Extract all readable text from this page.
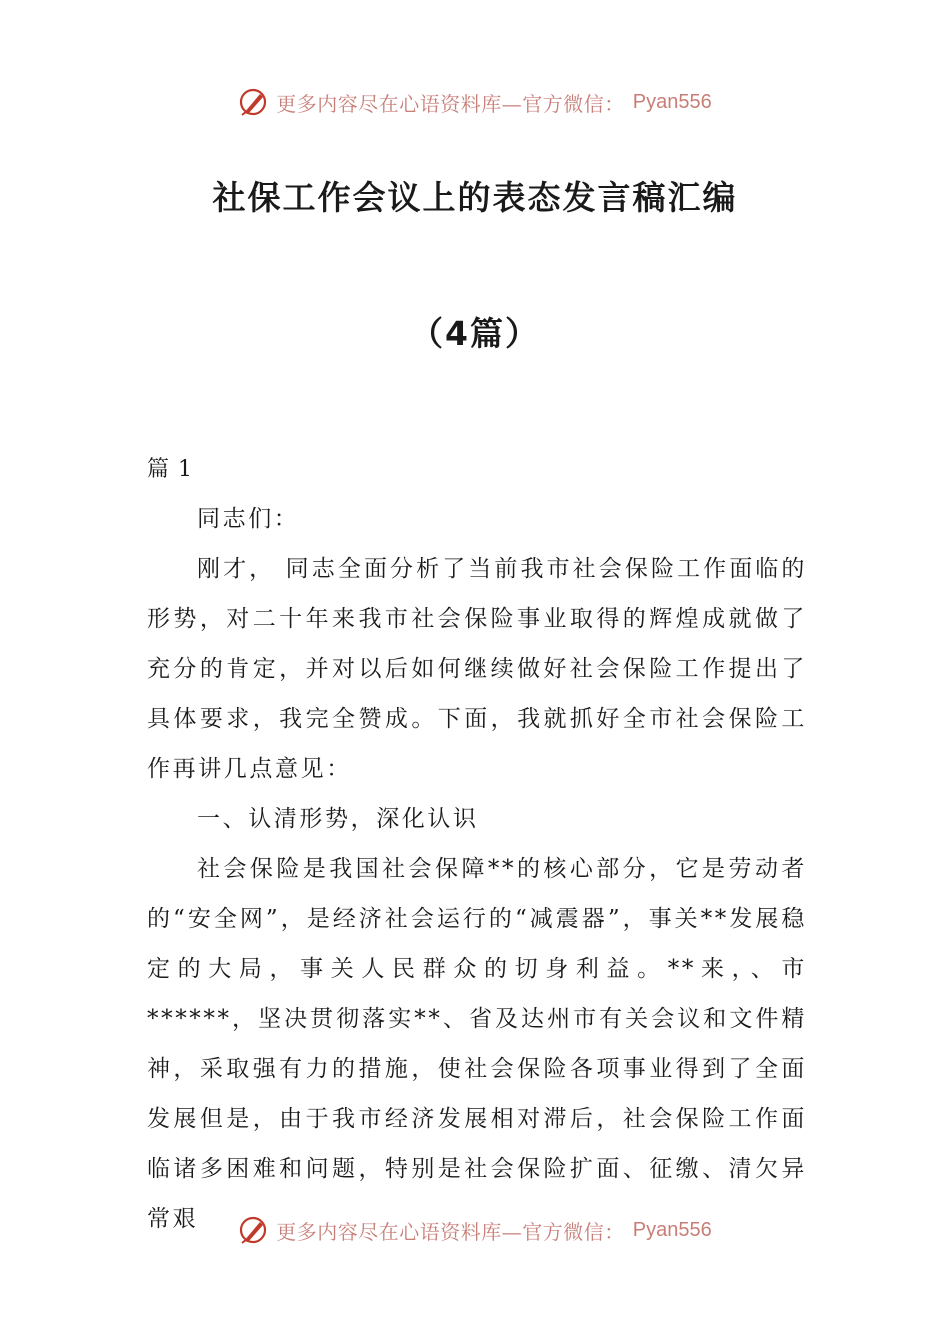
更多内容尽在心语资料库—官方微信： Pyan556
社保工作会议上的表态发言稿汇编
（4篇）
篇 1

同志们：

刚才， 同志全面分析了当前我市社会保险工作面临的形势，对二十年来我市社会保险事业取得的辉煌成就做了充分的肯定，并对以后如何继续做好社会保险工作提出了具体要求，我完全赞成。下面，我就抓好全市社会保险工作再讲几点意见：

一、认清形势，深化认识

社会保险是我国社会保障**的核心部分，它是劳动者的“安全网”，是经济社会运行的“减震器”，事关**发展稳定的大局，事关人民群众的切身利益。**来，、市******，坚决贯彻落实**、省及达州市有关会议和文件精神，采取强有力的措施，使社会保险各项事业得到了全面发展但是，由于我市经济发展相对滞后，社会保险工作面临诸多困难和问题，特别是社会保险扩面、征缴、清欠异常艰	更多内容尽在心语资料库—官方微信： Pyan556
